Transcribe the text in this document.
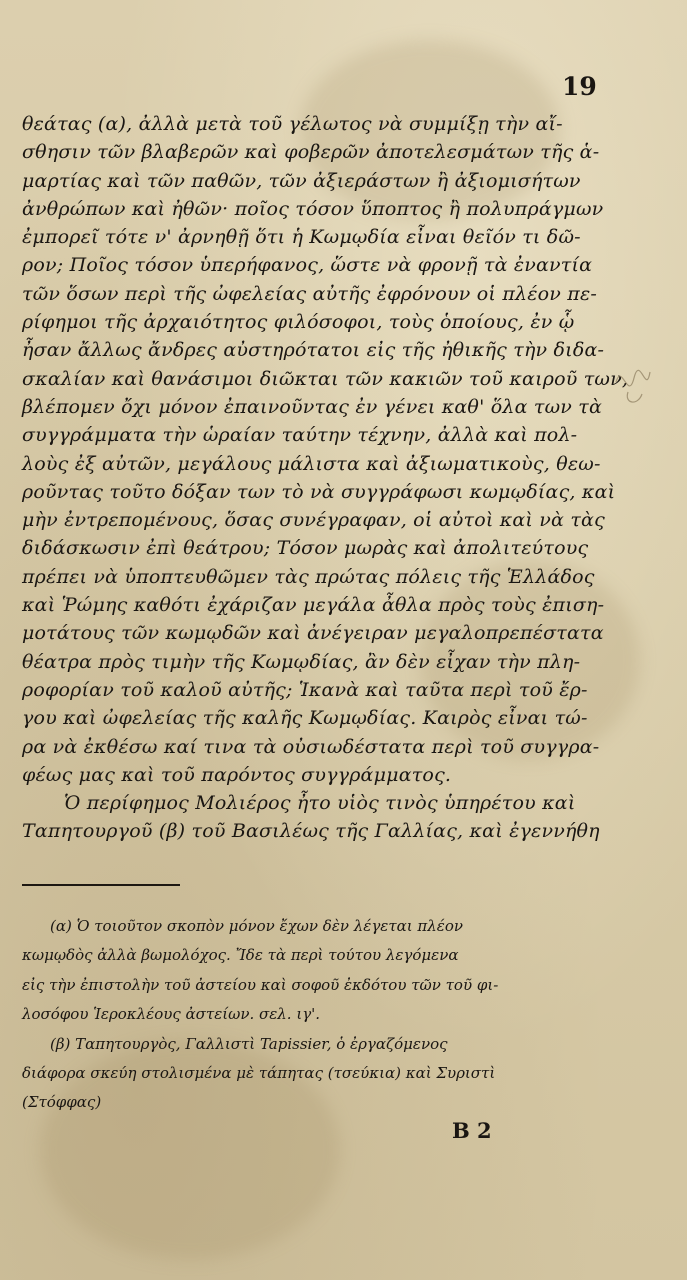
19
θεάτας (α), ἀλλὰ μετὰ τοῦ γέλωτος νὰ συμμίξῃ τὴν αἴ-
σθησιν τῶν βλαβερῶν καὶ φοβερῶν ἀποτελεσμάτων τῆς ἁ-
μαρτίας καὶ τῶν παθῶν, τῶν ἀξιεράστων ἢ ἀξιομισήτων
ἀνθρώπων καὶ ἠθῶν· ποῖος τόσον ὕποπτος ἢ πολυπράγμων
ἐμπορεῖ τότε ν' ἀρνηθῇ ὅτι ἡ Κωμῳδία εἶναι θεῖόν τι δῶ-
ρον; Ποῖος τόσον ὑπερήφανος, ὥστε νὰ φρονῇ τὰ ἐναντία
τῶν ὅσων περὶ τῆς ὠφελείας αὐτῆς ἐφρόνουν οἱ πλέον πε-
ρίφημοι τῆς ἀρχαιότητος φιλόσοφοι, τοὺς ὁποίους, ἐν ᾧ
ἦσαν ἄλλως ἄνδρες αὐστηρότατοι εἰς τῆς ἠθικῆς τὴν διδα-
σκαλίαν καὶ θανάσιμοι διῶκται τῶν κακιῶν τοῦ καιροῦ των,
βλέπομεν ὄχι μόνον ἐπαινοῦντας ἐν γένει καθ' ὅλα των τὰ
συγγράμματα τὴν ὡραίαν ταύτην τέχνην, ἀλλὰ καὶ πολ-
λοὺς ἐξ αὐτῶν, μεγάλους μάλιστα καὶ ἀξιωματικοὺς, θεω-
ροῦντας τοῦτο δόξαν των τὸ νὰ συγγράφωσι κωμῳδίας, καὶ
μὴν ἐντρεπομένους, ὅσας συνέγραφαν, οἱ αὐτοὶ καὶ νὰ τὰς
διδάσκωσιν ἐπὶ θεάτρου; Τόσον μωρὰς καὶ ἀπολιτεύτους
πρέπει νὰ ὑποπτευθῶμεν τὰς πρώτας πόλεις τῆς Ἑλλάδος
καὶ Ῥώμης καθότι ἐχάριζαν μεγάλα ἆθλα πρὸς τοὺς ἐπιση-
μοτάτους τῶν κωμῳδῶν καὶ ἀνέγειραν μεγαλοπρεπέστατα
θέατρα πρὸς τιμὴν τῆς Κωμῳδίας, ἂν δὲν εἶχαν τὴν πλη-
ροφορίαν τοῦ καλοῦ αὐτῆς; Ἱκανὰ καὶ ταῦτα περὶ τοῦ ἔρ-
γου καὶ ὠφελείας τῆς καλῆς Κωμῳδίας. Καιρὸς εἶναι τώ-
ρα νὰ ἐκθέσω καί τινα τὰ οὐσιωδέστατα περὶ τοῦ συγγρα-
φέως μας καὶ τοῦ παρόντος συγγράμματος.
Ὁ περίφημος Μολιέρος ἦτο υἱὸς τινὸς ὑπηρέτου καὶ
Ταπητουργοῦ (β) τοῦ Βασιλέως τῆς Γαλλίας, καὶ ἐγεννήθη
(α) Ὁ τοιοῦτον σκοπὸν μόνον ἔχων δὲν λέγεται πλέον
κωμῳδὸς ἀλλὰ βωμολόχος. Ἴδε τὰ περὶ τούτου λεγόμενα
εἰς τὴν ἐπιστολὴν τοῦ ἀστείου καὶ σοφοῦ ἐκδότου τῶν τοῦ φι-
λοσόφου Ἱεροκλέους ἀστείων. σελ. ιγ'.
(β) Ταπητουργὸς, Γαλλιστὶ Tapissier, ὁ ἐργαζόμενος
διάφορα σκεύη στολισμένα μὲ τάπητας (τσεύκια) καὶ Συριστὶ
(Στόφφας)
B 2
